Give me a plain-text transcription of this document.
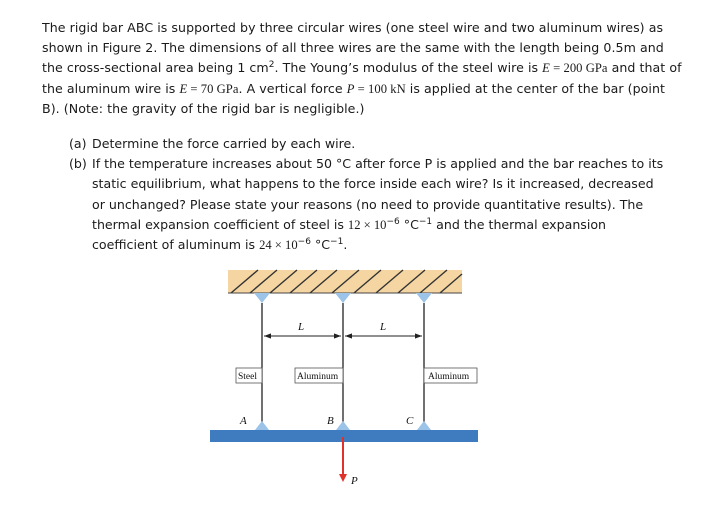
The rigid bar ABC is supported by three circular wires (one steel wire and two aluminum wires) as shown in Figure 2. The dimensions of all three wires are the same with the length being 0.5m and the cross-sectional area being 1 $cm^2$. The Young’s modulus of the steel wire is E = 200 GPa and that of the aluminum wire is E = 70 GPa. A vertical force P = 100 kN is applied at the center of the bar (point B). (Note: the gravity of the rigid bar is negligible.)
(a) Determine the force carried by each wire.
(b) If the temperature increases about 50 °C after force P is applied and the bar reaches to its static equilibrium, what happens to the force inside each wire? Is it increased, decreased or unchanged? Please state your reasons (no need to provide quantitative results). The thermal expansion coefficient of steel is $12 \times 10^{-6}$ $^\circ C^{-1}$ and the thermal expansion coefficient of aluminum is $24 \times 10^{-6}$ $^\circ C^{-1}$.
L	L
Steel	Aluminum	Aluminum
A	B	C
P
